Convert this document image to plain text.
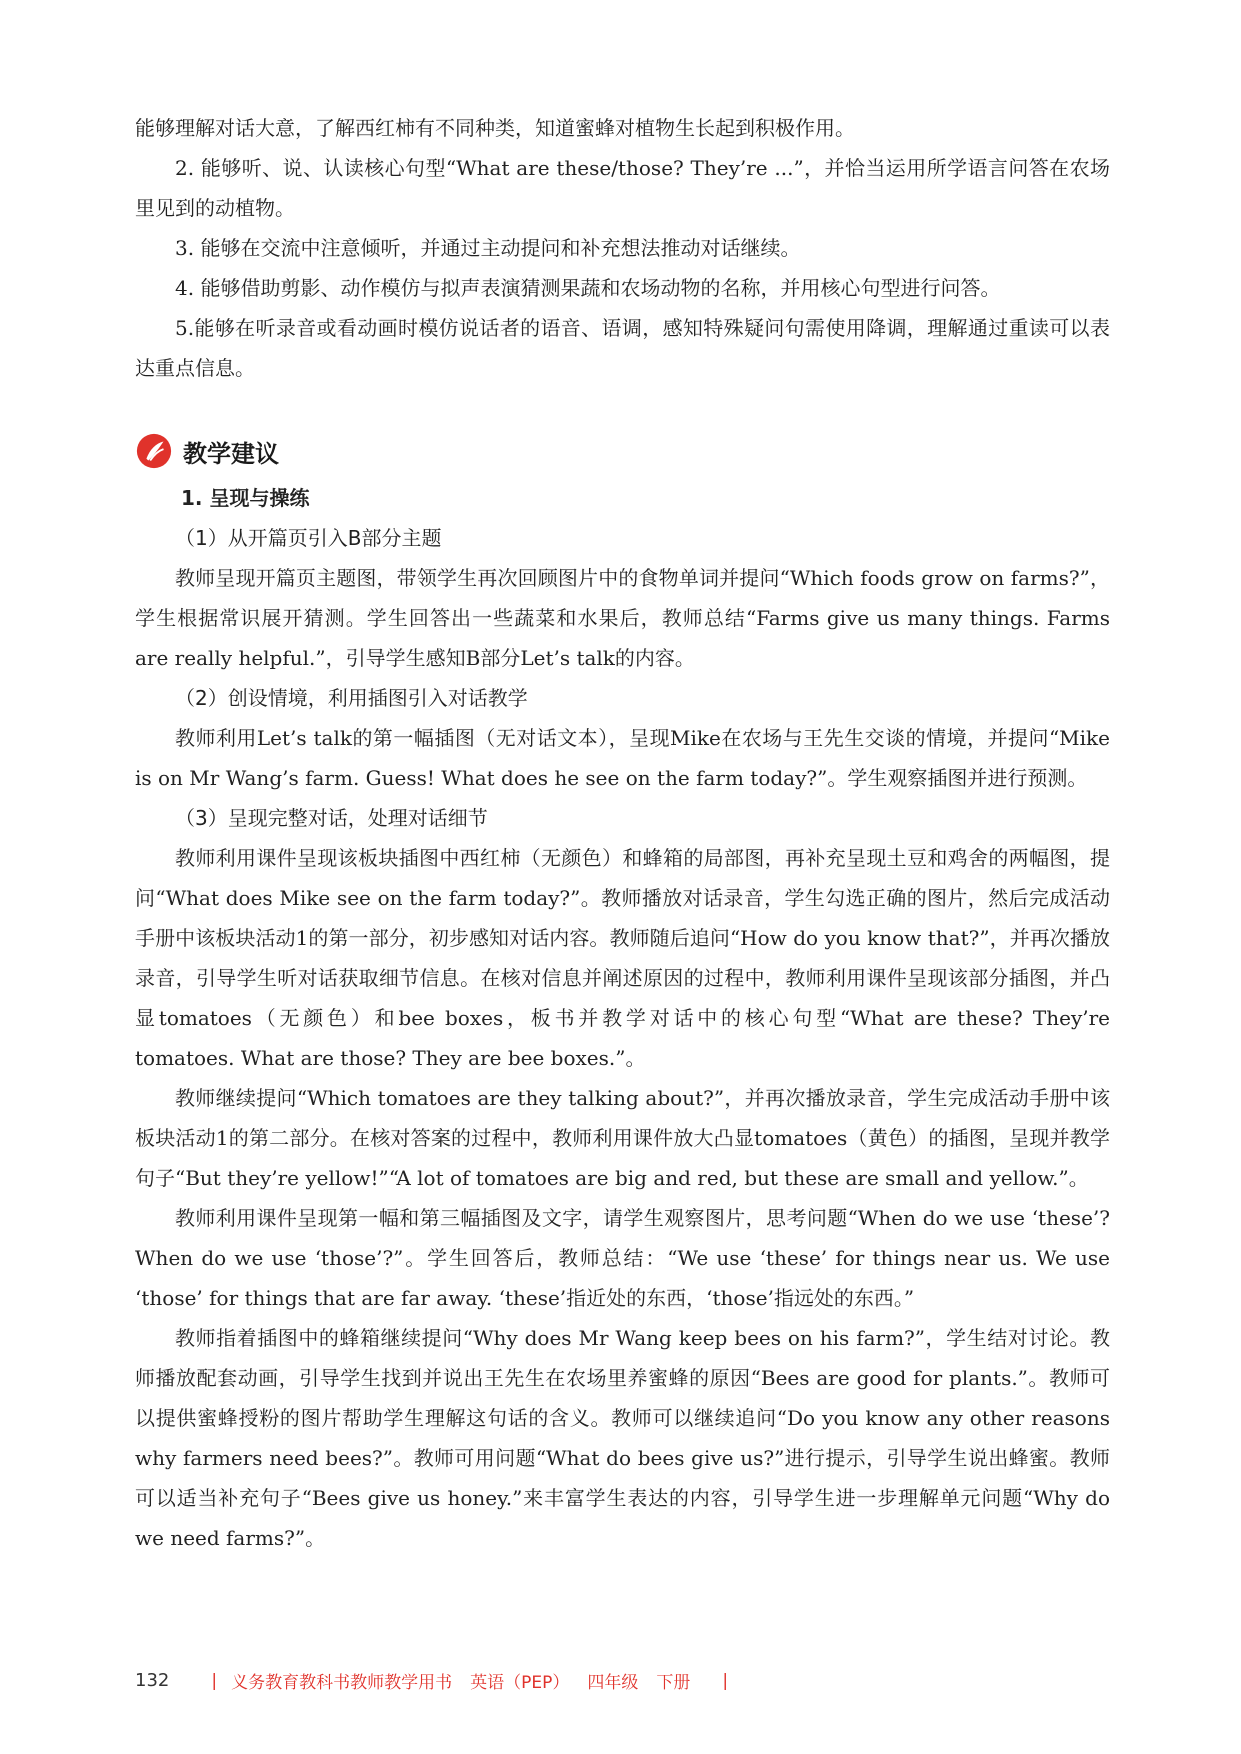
能够理解对话大意，了解西红柿有不同种类，知道蜜蜂对植物生长起到积极作用。

2. 能够听、说、认读核心句型“What are these/those? They’re ...”，并恰当运用所学语言问答在农场里见到的动植物。

3. 能够在交流中注意倾听，并通过主动提问和补充想法推动对话继续。

4. 能够借助剪影、动作模仿与拟声表演猜测果蔬和农场动物的名称，并用核心句型进行问答。

5.能够在听录音或看动画时模仿说话者的语音、语调，感知特殊疑问句需使用降调，理解通过重读可以表达重点信息。

教学建议

1. 呈现与操练

（1）从开篇页引入B部分主题

教师呈现开篇页主题图，带领学生再次回顾图片中的食物单词并提问“Which foods grow on farms?”，学生根据常识展开猜测。学生回答出一些蔬菜和水果后，教师总结“Farms give us many things. Farms are really helpful.”，引导学生感知B部分Let’s talk的内容。

（2）创设情境，利用插图引入对话教学

教师利用Let’s talk的第一幅插图（无对话文本），呈现Mike在农场与王先生交谈的情境，并提问“Mike is on Mr Wang’s farm. Guess! What does he see on the farm today?”。学生观察插图并进行预测。

（3）呈现完整对话，处理对话细节

教师利用课件呈现该板块插图中西红柿（无颜色）和蜂箱的局部图，再补充呈现土豆和鸡舍的两幅图，提问“What does Mike see on the farm today?”。教师播放对话录音，学生勾选正确的图片，然后完成活动手册中该板块活动1的第一部分，初步感知对话内容。教师随后追问“How do you know that?”，并再次播放录音，引导学生听对话获取细节信息。在核对信息并阐述原因的过程中，教师利用课件呈现该部分插图，并凸显tomatoes（无颜色）和bee boxes，板书并教学对话中的核心句型“What are these? They’re tomatoes. What are those? They are bee boxes.”。

教师继续提问“Which tomatoes are they talking about?”，并再次播放录音，学生完成活动手册中该板块活动1的第二部分。在核对答案的过程中，教师利用课件放大凸显tomatoes（黄色）的插图，呈现并教学句子“But they’re yellow!”“A lot of tomatoes are big and red, but these are small and yellow.”。

教师利用课件呈现第一幅和第三幅插图及文字，请学生观察图片，思考问题“When do we use ‘these’? When do we use ‘those’?”。学生回答后，教师总结：“We use ‘these’ for things near us. We use ‘those’ for things that are far away. ‘these’指近处的东西，‘those’指远处的东西。”

教师指着插图中的蜂箱继续提问“Why does Mr Wang keep bees on his farm?”，学生结对讨论。教师播放配套动画，引导学生找到并说出王先生在农场里养蜜蜂的原因“Bees are good for plants.”。教师可以提供蜜蜂授粉的图片帮助学生理解这句话的含义。教师可以继续追问“Do you know any other reasons why farmers need bees?”。教师可用问题“What do bees give us?”进行提示，引导学生说出蜂蜜。教师可以适当补充句子“Bees give us honey.”来丰富学生表达的内容，引导学生进一步理解单元问题“Why do we need farms?”。

132 | 义务教育教科书教师教学用书 英语（PEP） 四年级 下册 |
